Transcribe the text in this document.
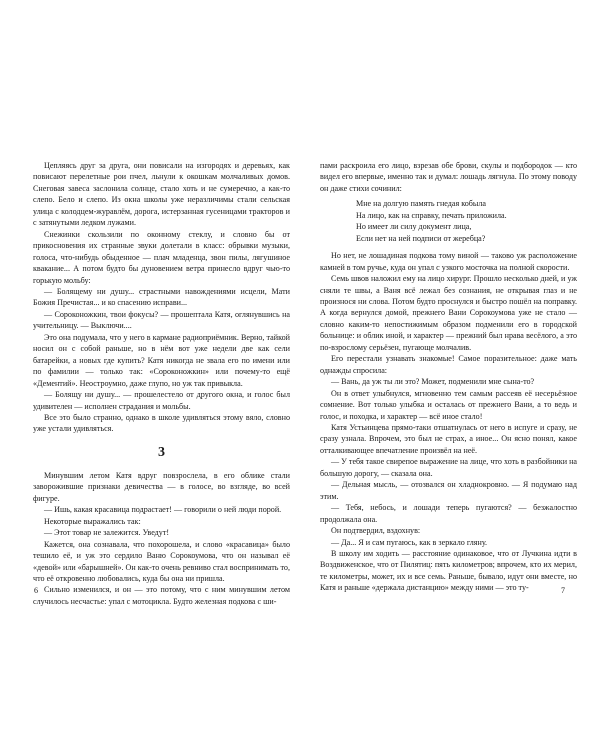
Цепляясь друг за друга, они повисали на изгородях и деревьях, как повисают перелетные рои пчел, льнули к окошкам молчаливых домов. Снеговая завеса заслонила солнце, стало хоть и не сумеречно, а как-то слепо. Бело и слепо. Из окна школы уже неразличимы стали сельская улица с колодцем-журавлём, дорога, истерзанная гусеницами тракторов и с затянутыми ледком лужами.

Снежинки скользили по оконному стеклу, и словно бы от прикосновения их странные звуки долетали в класс: обрывки музыки, голоса, что-нибудь обыденное — плач младенца, звон пилы, лягушиное квакание... А потом будто бы дуновением ветра принесло вдруг чью-то горькую мольбу:

— Болящему ни душу... страстными навождениями исцели, Мати Божия Пречистая... и ко спасению исправи...

— Сороконожкин, твои фокусы? — прошептала Катя, оглянувшись на учительницу. — Выключи....

Это она подумала, что у него в кармане радиоприёмник. Верно, тайкой носил он с собой раньше, но в нём вот уже недели две как сели батарейки, а новых где купить? Катя никогда не звала его по имени или по фамилии — только так: «Сороконожкин» или почему-то ещё «Дементий». Неостроумно, даже глупо, но уж так привыкла.

— Болящу ни душу... — прошелестело от другого окна, и голос был удивителен — исполнен страдания и мольбы.

Все это было странно, однако в школе удивляться этому вяло, словно уже устали удивляться.

3

Минувшим летом Катя вдруг повзрослела, в его облике стали заворожившие признаки девичества — в голосе, во взгляде, во всей фигуре.

— Ишь, какая красавица подрастает! — говорили о ней люди порой.

Некоторые выражались так:

— Этот товар не залежится. Уведут!

Кажется, она сознавала, что похорошела, и слово «красавица» было тешило её, и уж это сердило Ваню Сорокоумова, что он называл её «девой» или «барышней». Он как-то очень ревниво стал воспринимать то, что её откровенно любовались, куда бы она ни пришла.

Сильно изменился, и он — это потому, что с ним минувшим летом случилось несчастье: упал с мотоцикла. Будто железная подкова с ши-

пами раскроила его лицо, взрезав обе брови, скулы и подбородок — кто видел его впервые, именно так и думал: лошадь лягнула. По этому поводу он даже стихи сочинил:

Мне на долгую память гнедая кобыла
На лицо, как на справку, печать приложила.
Но имеет ли силу документ лица,
Если нет на ней подписи от жеребца?

Но нет, не лошадиная подкова тому виной — таково уж расположение камней в том ручье, куда он упал с узкого мосточка на полной скорости.

Семь швов наложил ему на лицо хирург. Прошло несколько дней, и уж сняли те швы, а Ваня всё лежал без сознания, не открывая глаз и не произнося ни слова. Потом будто проснулся и быстро пошёл на поправку. А когда вернулся домой, прежнего Вани Сорокоумова уже не стало — словно каким-то непостижимым образом подменили его в городской больнице: и облик иной, и характер — прежний был нрава весёлого, а это по-взрослому серьёзен, пугающе молчалив.

Его перестали узнавать знакомые! Самое поразительное: даже мать однажды спросила:

— Вань, да уж ты ли это? Может, подменили мне сына-то?

Он в ответ улыбнулся, мгновенно тем самым рассеяв её несерьёзное сомнение. Вот только улыбка и осталась от прежнего Вани, а то ведь и голос, и походка, и характер — всё иное стало!

Катя Устьинцева прямо-таки отшатнулась от него в испуге и сразу, не сразу узнала. Впрочем, это был не страх, а иное... Он ясно понял, какое отталкивающее впечатление произвёл на неё.

— У тебя такое свирепое выражение на лице, что хоть в разбойники на большую дорогу, — сказала она.

— Дельная мысль, — отозвался он хладнокровно. — Я подумаю над этим.

— Тебя, небось, и лошади теперь пугаются? — безжалостно продолжала она.

Он подтвердил, вздохнув:

— Да... Я и сам пугаюсь, как в зеркало гляну.

В школу им ходить — расстояние одинаковое, что от Лучкина идти в Воздвиженское, что от Пилятиц: пять километров; впрочем, кто их мерил, те километры, может, их и все семь. Раньше, бывало, идут они вместе, но Катя и раньше «держала дистанцию» между ними — это ту-

6	7
